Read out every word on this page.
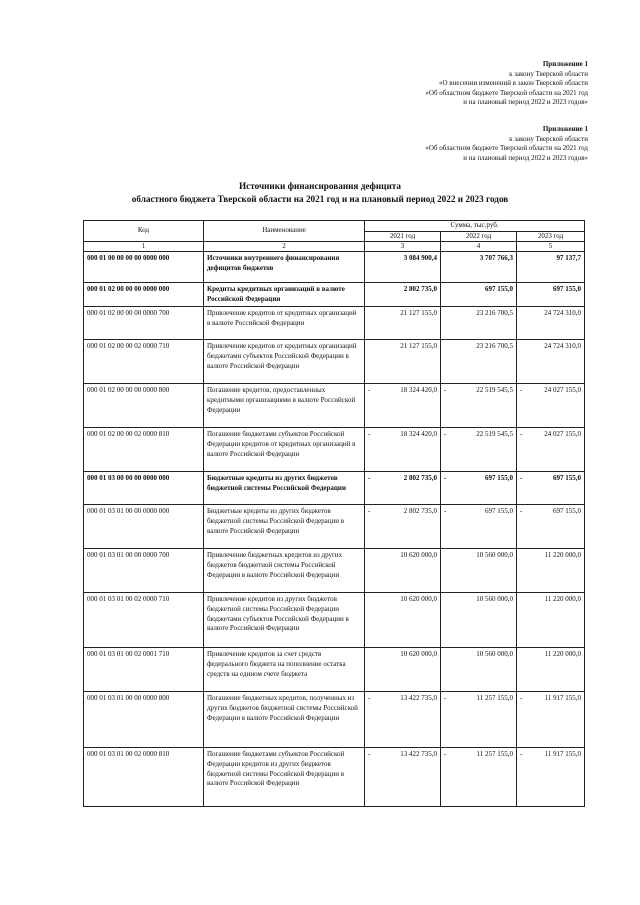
Приложение 1
к закону Тверской области
«О внесении изменений в закон Тверской области
«Об областном бюджете Тверской области на 2021 год
и на плановый период 2022 и 2023 годов»
Приложение 1
к закону Тверской области
«Об областном бюджете Тверской области на 2021 год
и на плановый период 2022 и 2023 годов»
Источники финансирования дефицита
областного бюджета Тверской области на 2021 год и на плановый период 2022 и 2023 годов
Код	Наименование	Сумма, тыс.руб.		
		2021 год	2022 год	2023 год
1	2	3	4	5
000 01 00 00 00 00 0000 000	Источники внутреннего финансирования дефицитов бюджетов	3 084 900,4	3 707 766,3	97 137,7

000 01 02 00 00 00 0000 000	Кредиты кредитных организаций в валюте Российской Федерации	2 802 735,0	697 155,0	697 155,0

000 01 02 00 00 00 0000 700	Привлечение кредитов от кредитных организаций в валюте Российской Федерации	21 127 155,0	23 216 700,5	24 724 310,0

000 01 02 00 00 02 0000 710	Привлечение кредитов от кредитных организаций бюджетами субъектов Российской Федерации в валюте Российской Федерации	21 127 155,0	23 216 700,5	24 724 310,0

000 01 02 00 00 00 0000 800	Погашение кредитов, предоставленных кредитными организациями в валюте Российской Федерации	- 18 324 420,0	- 22 519 545,5	- 24 027 155,0

000 01 02 00 00 02 0000 810	Погашение бюджетами субъектов Российской Федерации кредитов от кредитных организаций в валюте Российской Федерации	- 18 324 420,0	- 22 519 545,5	- 24 027 155,0

000 01 03 00 00 00 0000 000	Бюджетные кредиты из других бюджетов бюджетной системы Российской Федерации	- 2 802 735,0	- 697 155,0	- 697 155,0

000 01 03 01 00 00 0000 000	Бюджетные кредиты из других бюджетов бюджетной системы Российской Федерации в валюте Российской Федерации	- 2 802 735,0	- 697 155,0	- 697 155,0

000 01 03 01 00 00 0000 700	Привлечение бюджетных кредитов из других бюджетов бюджетной системы Российской Федерации в валюте Российской Федерации	10 620 000,0	10 560 000,0	11 220 000,0

000 01 03 01 00 02 0000 710	Привлечение кредитов из других бюджетов бюджетной системы Российской Федерации бюджетами субъектов Российской Федерации в валюте Российской Федерации	10 620 000,0	10 560 000,0	11 220 000,0

000 01 03 01 00 02 0001 710	Привлечение кредитов за счет средств федерального бюджета на пополнение остатка средств на едином счете бюджета	10 620 000,0	10 560 000,0	11 220 000,0

000 01 03 01 00 00 0000 800	Погашение бюджетных кредитов, полученных из других бюджетов бюджетной системы Российской Федерации в валюте Российской Федерации	- 13 422 735,0	- 11 257 155,0	- 11 917 155,0

000 01 03 01 00 02 0000 810	Погашение бюджетами субъектов Российской Федерации кредитов из других бюджетов бюджетной системы Российской Федерации в валюте Российской Федерации	- 13 422 735,0	- 11 257 155,0	- 11 917 155,0
